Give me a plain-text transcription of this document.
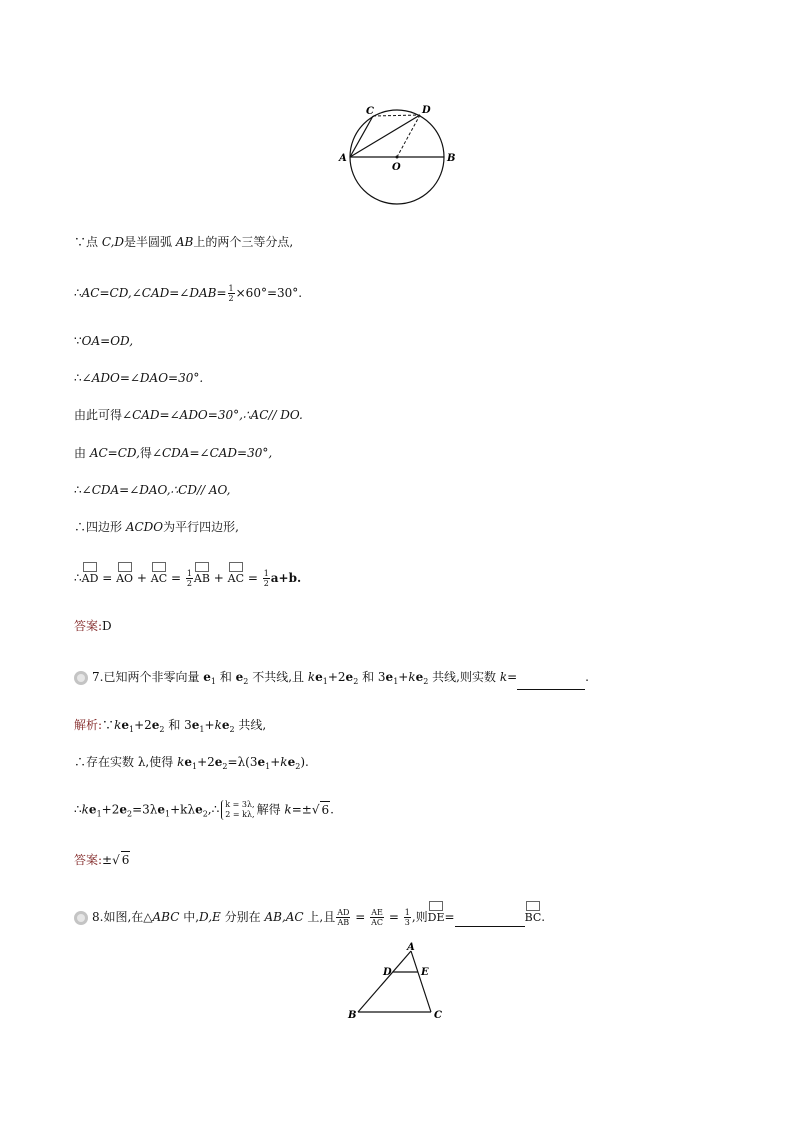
C	D
A
O
B
∵点 C,D是半圆弧 AB上的两个三等分点,
∴AC=CD,∠CAD=∠DAB= $\frac{1}{2} \times 60^\circ=30^\circ$.
∵OA=OD,
∴∠ADO=∠DAO=30°.
由此可得∠CAD=∠ADO=30°,∴AC// DO.
由 AC=CD,得∠CDA=∠CAD=30°,
∴∠CDA=∠DAO,∴CD// AO,
∴四边形 ACDO为平行四边形,
∴AD = AO + AC = $\frac{1}{2}$ AB + AC = $\frac{1}{2} a+b$.
答案:D
7.已知两个非零向量 $e_1$ 和 $e_2$ 不共线,且 $ke_1+2e_2$ 和 $3e_1+ke_2$ 共线,则实数 k=	.
解析$:\because ke_1+2e_2$ 和 $3e_1+ke_2$ 共线,
∴存在实数 λ,使得 $ke_1+2e_2=\lambda(3e_1+ke_2)$.
$\therefore ke_1+2e_2=3\lambda e_1+k\lambda e_2,\therefore$ k = 3λ,
2 = kλ, 解得 k=±√ 6.
答案:±√ 6
8.如图,在△ABC 中,D,E 分别在 AB,AC 上,且 $\frac{AD}{AB} = \frac{AE}{AC} = \frac{1}{3}$ ,则DE=	BC.
A
D	E
B	C
